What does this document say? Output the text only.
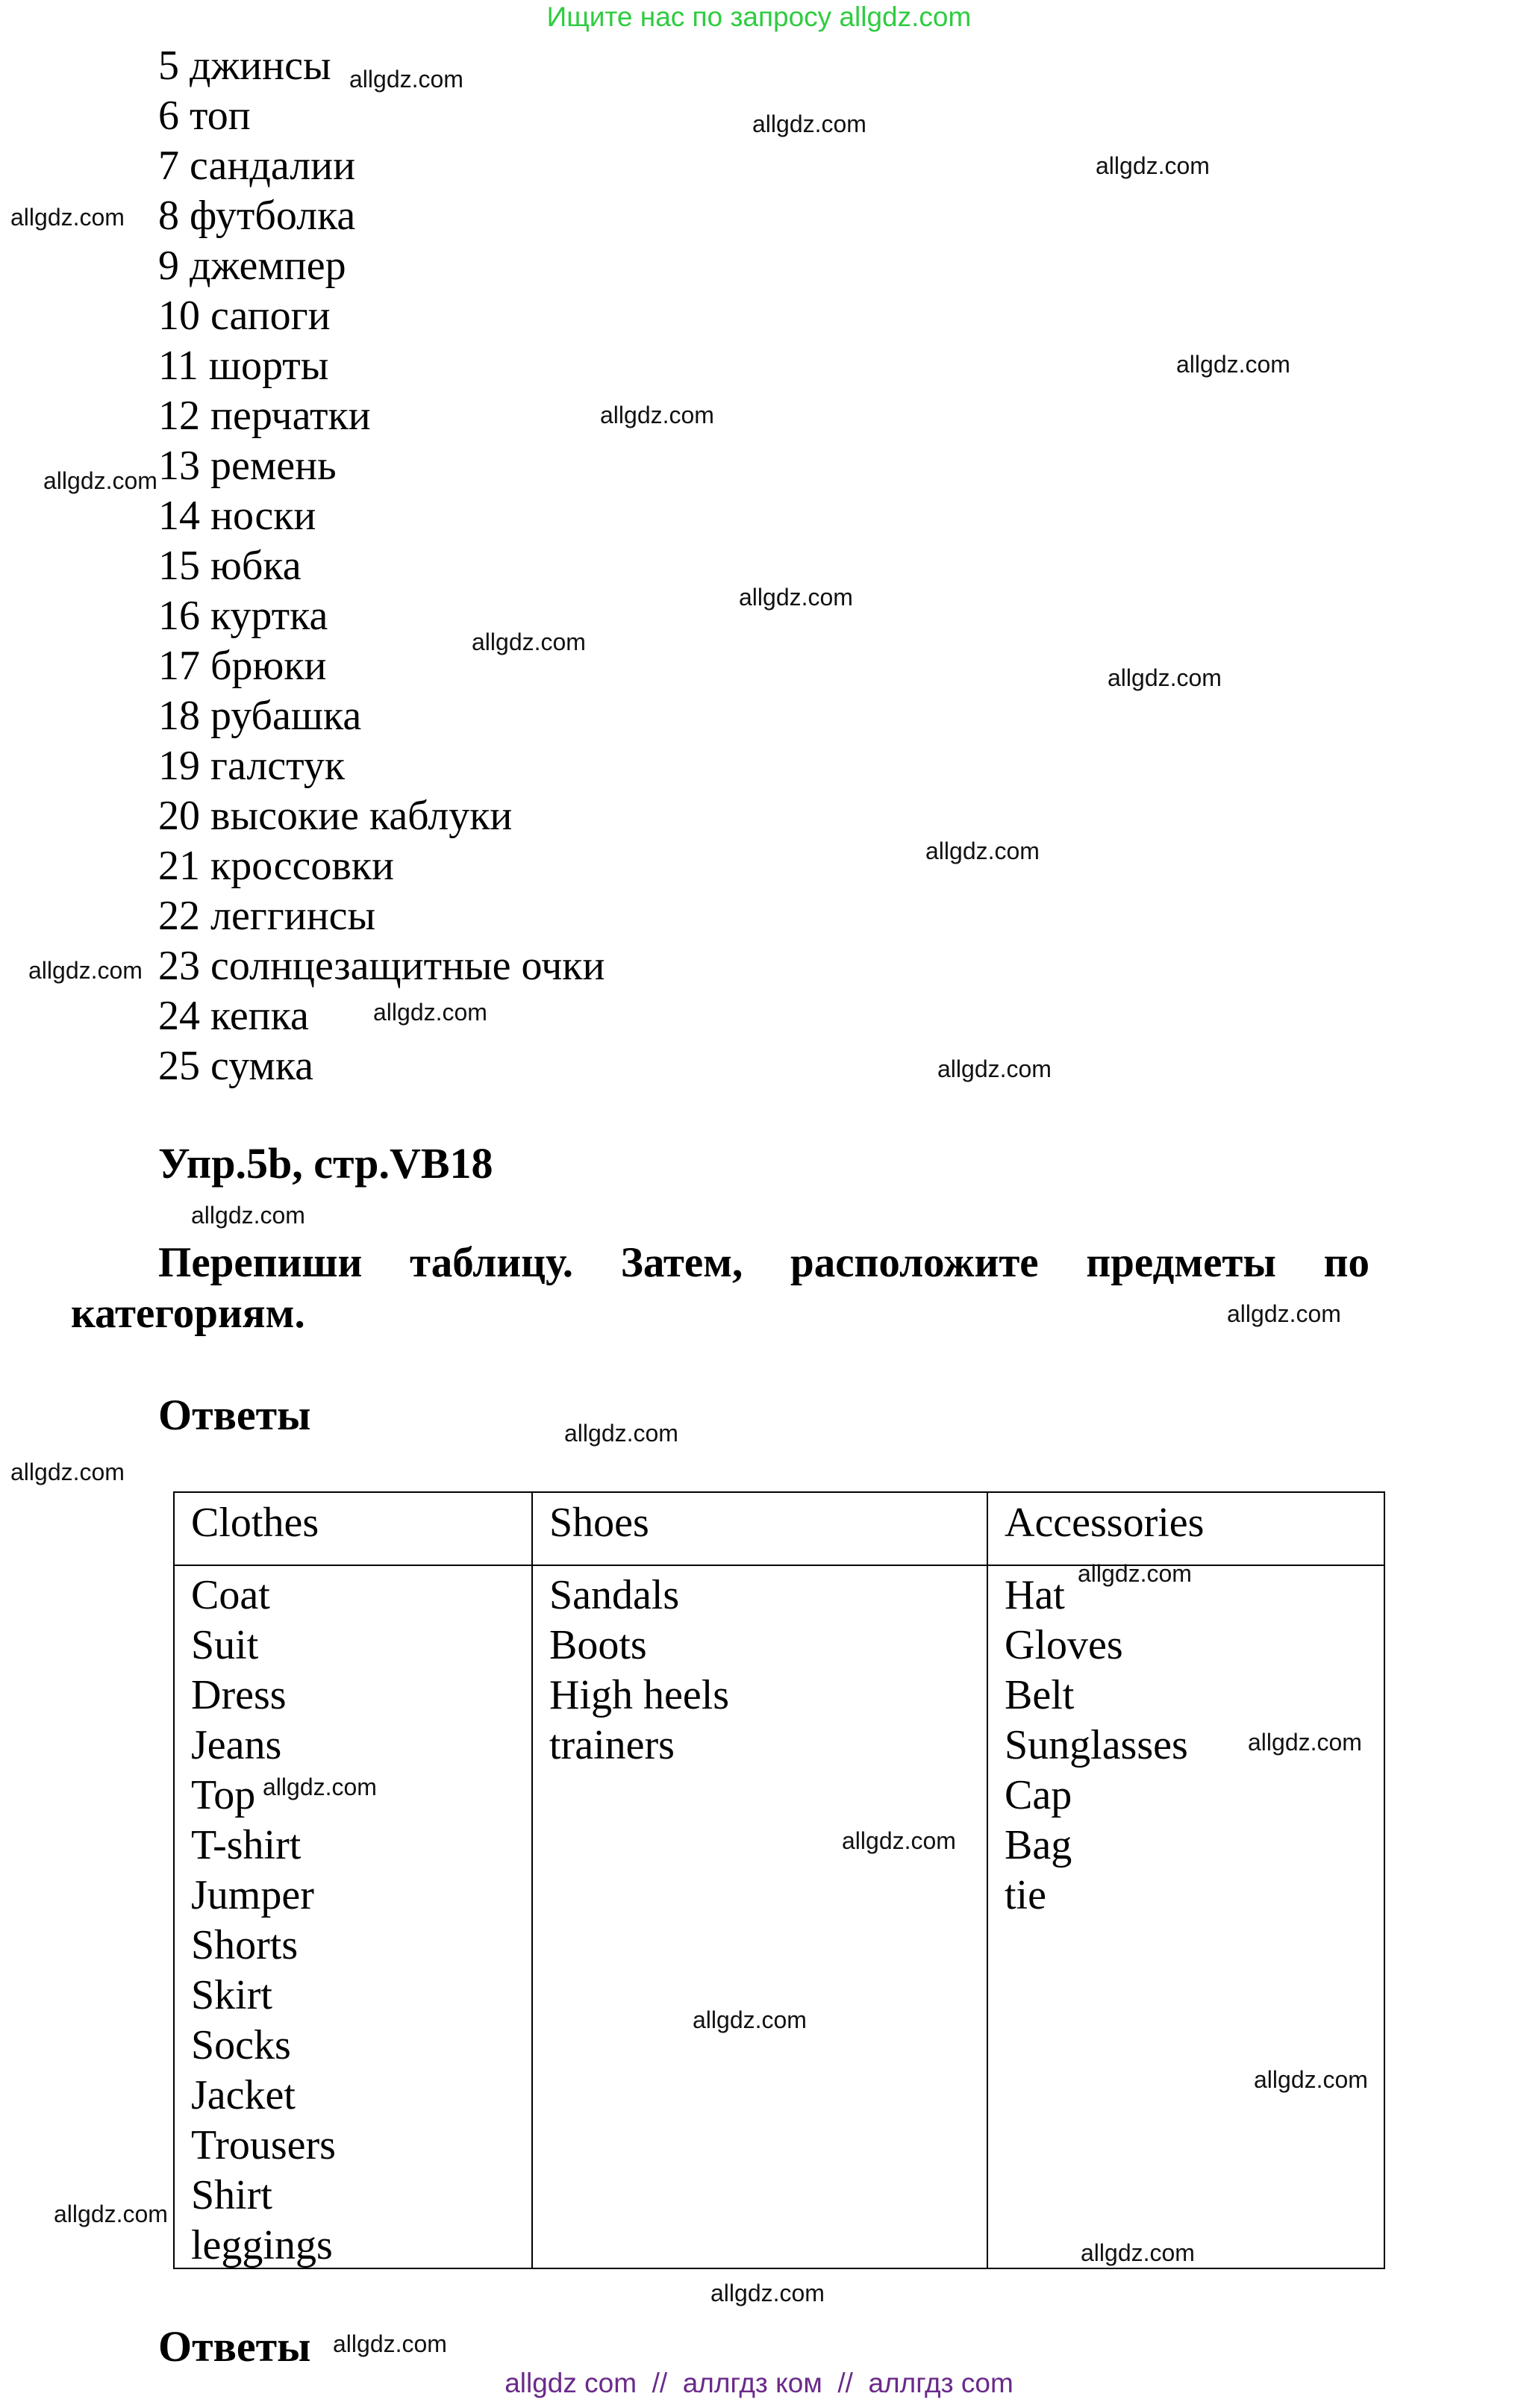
Ищите нас по запросу allgdz.com
5 джинсы
6 топ
7 сандалии
8 футболка
9 джемпер
10 сапоги
11 шорты
12 перчатки
13 ремень
14 носки
15 юбка
16 куртка
17 брюки
18 рубашка
19 галстук
20 высокие каблуки
21 кроссовки
22 леггинсы
23 солнцезащитные очки
24 кепка
25 сумка
Упр.5b, стр.VB18
Перепиши таблицу. Затем, расположите предметы по категориям.
Ответы
Clothes
Coat
Suit
Dress
Jeans
Top
T-shirt
Jumper
Shorts
Skirt
Socks
Jacket
Trousers
Shirt
leggings
Shoes
Sandals
Boots
High heels
trainers
Accessories
Hat
Gloves
Belt
Sunglasses
Cap
Bag
tie
Ответы
allgdz.com
allgdz.com
allgdz.com
allgdz.com
allgdz.com
allgdz.com
allgdz.com
allgdz.com
allgdz.com
allgdz.com
allgdz.com
allgdz.com
allgdz.com
allgdz.com
allgdz.com
allgdz.com
allgdz.com
allgdz.com
allgdz.com
allgdz.com
allgdz.com
allgdz.com
allgdz.com
allgdz.com
allgdz.com
allgdz.com
allgdz.com
allgdz.com
allgdz com  //  аллгдз ком  //  аллгдз com
